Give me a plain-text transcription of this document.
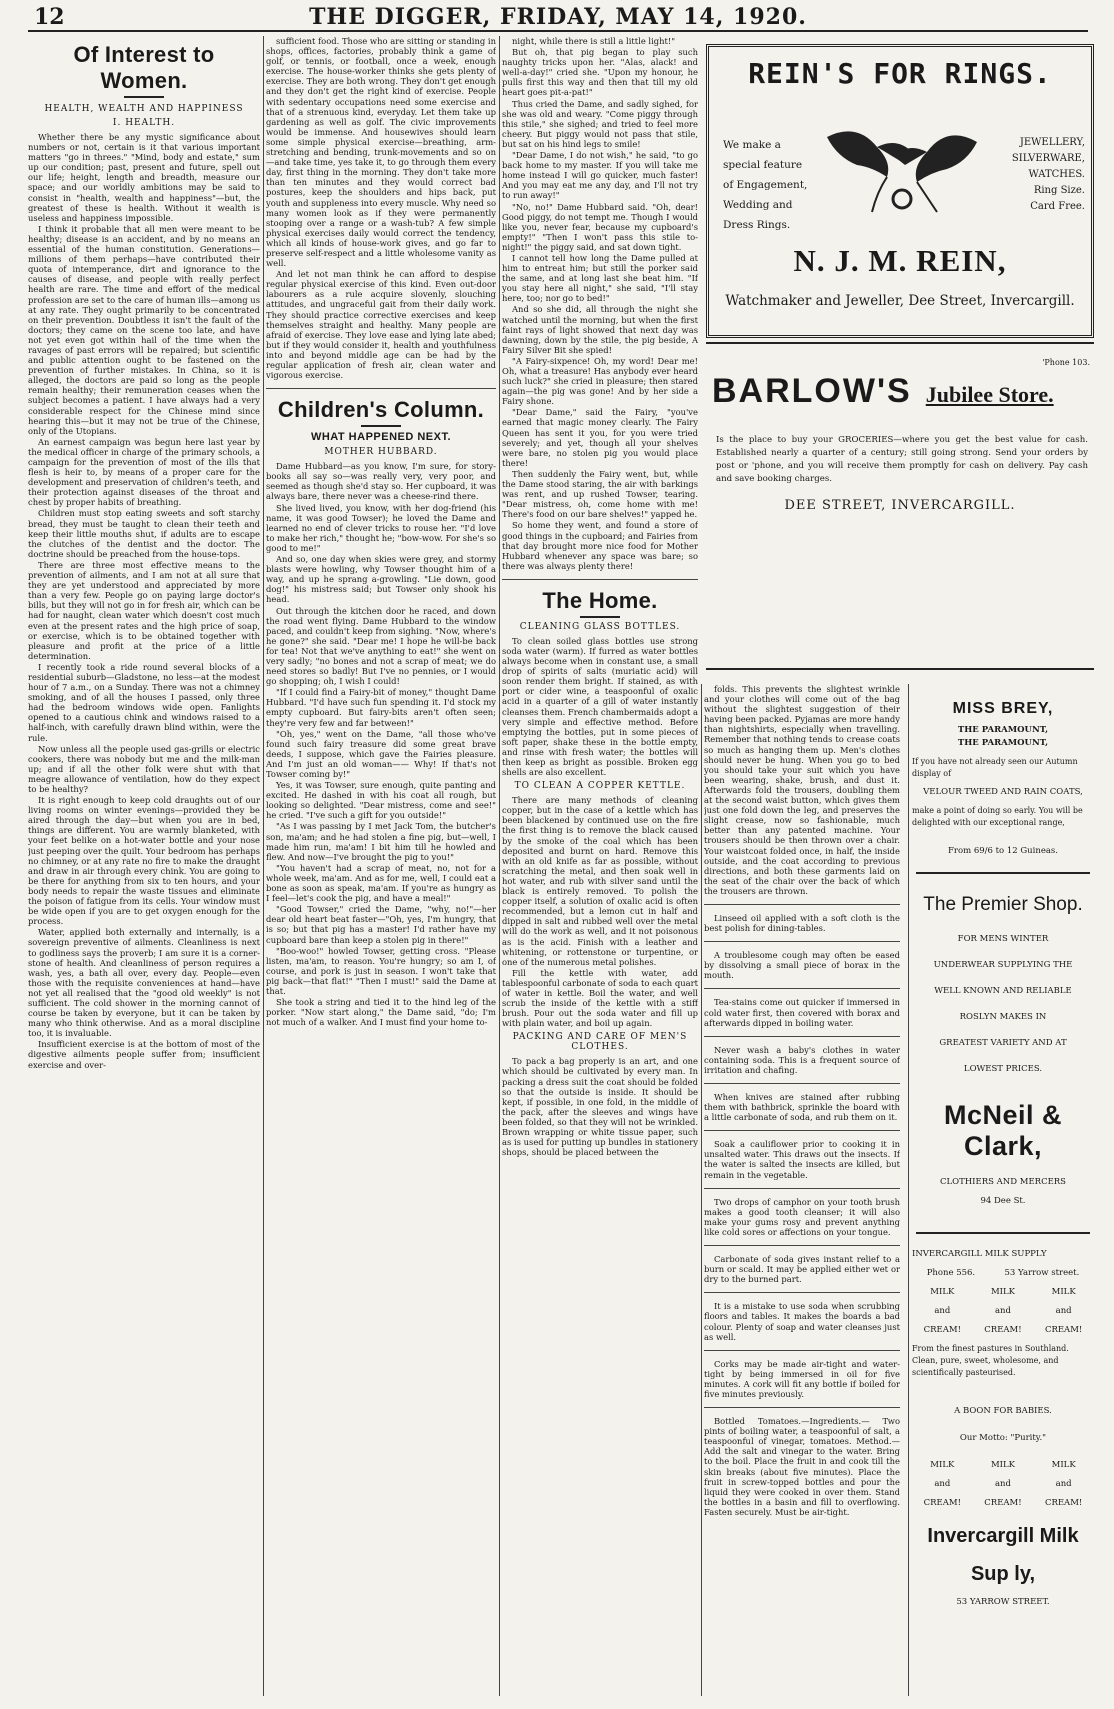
12	THE DIGGER, FRIDAY, MAY 14, 1920.
Of Interest to Women.
HEALTH, WEALTH AND HAPPINESS
I. HEALTH.

Whether there be any mystic significance about numbers or not, certain is it that various important matters "go in threes." "Mind, body and estate," sum up our condition; past, present and future, spell out our life; height, length and breadth, measure our space; and our worldly ambitions may be said to consist in "health, wealth and happiness"—but, the greatest of these is health. Without it wealth is useless and happiness impossible.

I think it probable that all men were meant to be healthy; disease is an accident, and by no means an essential of the human constitution. Generations—millions of them perhaps—have contributed their quota of intemperance, dirt and ignorance to the causes of disease, and people with really perfect health are rare. The time and effort of the medical profession are set to the care of human ills—among us at any rate. They ought primarily to be concentrated on their prevention. Doubtless it isn't the fault of the doctors; they came on the scene too late, and have not yet even got within hail of the time when the ravages of past errors will be repaired; but scientific and public attention ought to be fastened on the prevention of further mistakes. In China, so it is alleged, the doctors are paid so long as the people remain healthy; their remuneration ceases when the subject becomes a patient. I have always had a very considerable respect for the Chinese mind since hearing this—but it may not be true of the Chinese, only of the Utopians.

An earnest campaign was begun here last year by the medical officer in charge of the primary schools, a campaign for the prevention of most of the ills that flesh is heir to, by means of a proper care for the development and preservation of children's teeth, and their protection against diseases of the throat and chest by proper habits of breathing.

Children must stop eating sweets and soft starchy bread, they must be taught to clean their teeth and keep their little mouths shut, if adults are to escape the clutches of the dentist and the doctor. The doctrine should be preached from the house-tops.

There are three most effective means to the prevention of ailments, and I am not at all sure that they are yet understood and appreciated by more than a very few. People go on paying large doctor's bills, but they will not go in for fresh air, which can be had for naught, clean water which doesn't cost much even at the present rates and the high price of soap, or exercise, which is to be obtained together with pleasure and profit at the price of a little determination.

I recently took a ride round several blocks of a residential suburb—Gladstone, no less—at the modest hour of 7 a.m., on a Sunday. There was not a chimney smoking, and of all the houses I passed, only three had the bedroom windows wide open. Fanlights opened to a cautious chink and windows raised to a half-inch, with carefully drawn blind within, were the rule.

Now unless all the people used gas-grills or electric cookers, there was nobody but me and the milk-man up; and if all the other folk were shut with that meagre allowance of ventilation, how do they expect to be healthy?

It is right enough to keep cold draughts out of our living rooms on winter evenings—provided they be aired through the day—but when you are in bed, things are different. You are warmly blanketed, with your feet belike on a hot-water bottle and your nose just peeping over the quilt. Your bedroom has perhaps no chimney, or at any rate no fire to make the draught and draw in air through every chink. You are going to be there for anything from six to ten hours, and your body needs to repair the waste tissues and eliminate the poison of fatigue from its cells. Your window must be wide open if you are to get oxygen enough for the process.

Water, applied both externally and internally, is a sovereign preventive of ailments. Cleanliness is next to godliness says the proverb; I am sure it is a corner-stone of health. And cleanliness of person requires a wash, yes, a bath all over, every day. People—even those with the requisite conveniences at hand—have not yet all realised that the "good old weekly" is not sufficient. The cold shower in the morning cannot of course be taken by everyone, but it can be taken by many who think otherwise. And as a moral discipline too, it is invaluable.

Insufficient exercise is at the bottom of most of the digestive ailments people suffer from; insufficient exercise and over-

sufficient food. Those who are sitting or standing in shops, offices, factories, probably think a game of golf, or tennis, or football, once a week, enough exercise. The house-worker thinks she gets plenty of exercise. They are both wrong. They don't get enough and they don't get the right kind of exercise. People with sedentary occupations need some exercise and that of a strenuous kind, everyday. Let them take up gardening as well as golf. The civic improvements would be immense. And housewives should learn some simple physical exercise—breathing, arm-stretching and bending, trunk-movements and so on—and take time, yes take it, to go through them every day, first thing in the morning. They don't take more than ten minutes and they would correct bad postures, keep the shoulders and hips back, put youth and suppleness into every muscle. Why need so many women look as if they were permanently stooping over a range or a wash-tub? A few simple physical exercises daily would correct the tendency, which all kinds of house-work gives, and go far to preserve self-respect and a little wholesome vanity as well.

And let not man think he can afford to despise regular physical exercise of this kind. Even out-door labourers as a rule acquire slovenly, slouching attitudes, and ungraceful gait from their daily work. They should practice corrective exercises and keep themselves straight and healthy. Many people are afraid of exercise. They love ease and lying late abed; but if they would consider it, health and youthfulness into and beyond middle age can be had by the regular application of fresh air, clean water and vigorous exercise.

Children's Column.
WHAT HAPPENED NEXT.
MOTHER HUBBARD.

Dame Hubbard—as you know, I'm sure, for story-books all say so—was really very, very poor, and seemed as though she'd stay so. Her cupboard, it was always bare, there never was a cheese-rind there.

She lived lived, you know, with her dog-friend (his name, it was good Towser); he loved the Dame and learned no end of clever tricks to rouse her. "I'd love to make her rich," thought he; "bow-wow. For she's so good to me!"

And so, one day when skies were grey, and stormy blasts were howling, why Towser thought him of a way, and up he sprang a-growling. "Lie down, good dog!" his mistress said; but Towser only shook his head.

Out through the kitchen door he raced, and down the road went flying. Dame Hubbard to the window paced, and couldn't keep from sighing. "Now, where's he gone?" she said. "Dear me! I hope he will-be back for tea! Not that we've anything to eat!" she went on very sadly; "no bones and not a scrap of meat; we do need stores so badly! But I've no pennies, or I would go shopping; oh, I wish I could!

"If I could find a Fairy-bit of money," thought Dame Hubbard. "I'd have such fun spending it. I'd stock my empty cupboard. But fairy-bits aren't often seen; they're very few and far between!"

"Oh, yes," went on the Dame, "all those who've found such fairy treasure did some great brave deeds, I suppose, which gave the Fairies pleasure. And I'm just an old woman—— Why! If that's not Towser coming by!"

Yes, it was Towser, sure enough, quite panting and excited. He dashed in with his coat all rough, but looking so delighted. "Dear mistress, come and see!" he cried. "I've such a gift for you outside!"

"As I was passing by I met Jack Tom, the butcher's son, ma'am; and he had stolen a fine pig, but—well, I made him run, ma'am! I bit him till he howled and flew. And now—I've brought the pig to you!"

"You haven't had a scrap of meat, no, not for a whole week, ma'am. And as for me, well, I could eat a bone as soon as speak, ma'am. If you're as hungry as I feel—let's cook the pig, and have a meal!"

"Good Towser," cried the Dame, "why, no!"—her dear old heart beat faster—"Oh, yes, I'm hungry, that is so; but that pig has a master! I'd rather have my cupboard bare than keep a stolen pig in there!"

"Boo-woo!" howled Towser, getting cross. "Please listen, ma'am, to reason. You're hungry; so am I, of course, and pork is just in season. I won't take that pig back—that flat!" "Then I must!" said the Dame at that.

She took a string and tied it to the hind leg of the porker. "Now start along," the Dame said, "do; I'm not much of a walker. And I must find your home to-

night, while there is still a little light!"

But oh, that pig began to play such naughty tricks upon her. "Alas, alack! and well-a-day!" cried she. "Upon my honour, he pulls first this way and then that till my old heart goes pit-a-pat!"

Thus cried the Dame, and sadly sighed, for she was old and weary. "Come piggy through this stile," she sighed; and tried to feel more cheery. But piggy would not pass that stile, but sat on his hind legs to smile!

"Dear Dame, I do not wish," he said, "to go back home to my master. If you will take me home instead I will go quicker, much faster! And you may eat me any day, and I'll not try to run away!"

"No, no!" Dame Hubbard said. "Oh, dear! Good piggy, do not tempt me. Though I would like you, never fear, because my cupboard's empty!" "Then I won't pass this stile to-night!" the piggy said, and sat down tight.

I cannot tell how long the Dame pulled at him to entreat him; but still the porker said the same, and at long last she beat him. "If you stay here all night," she said, "I'll stay here, too; nor go to bed!"

And so she did, all through the night she watched until the morning, but when the first faint rays of light showed that next day was dawning, down by the stile, the pig beside, A Fairy Silver Bit she spied!

"A Fairy-sixpence! Oh, my word! Dear me! Oh, what a treasure! Has anybody ever heard such luck?" she cried in pleasure; then stared again—the pig was gone! And by her side a Fairy shone.

"Dear Dame," said the Fairy, "you've earned that magic money clearly. The Fairy Queen has sent it you, for you were tried severely; and yet, though all your shelves were bare, no stolen pig you would place there!

Then suddenly the Fairy went, but, while the Dame stood staring, the air with barkings was rent, and up rushed Towser, tearing. "Dear mistress, oh, come home with me! There's food on our bare shelves!" yapped he.

So home they went, and found a store of good things in the cupboard; and Fairies from that day brought more nice food for Mother Hubbard whenever any space was bare; so there was always plenty there!

The Home.
CLEANING GLASS BOTTLES.

To clean soiled glass bottles use strong soda water (warm). If furred as water bottles always become when in constant use, a small drop of spirits of salts (muriatic acid) will soon render them bright. If stained, as with port or cider wine, a teaspoonful of oxalic acid in a quarter of a gill of water instantly cleanses them. French chambermaids adopt a very simple and effective method. Before emptying the bottles, put in some pieces of soft paper, shake these in the bottle empty, and rinse with fresh water; the bottles will then keep as bright as possible. Broken egg shells are also excellent.

TO CLEAN A COPPER KETTLE.

There are many methods of cleaning copper, but in the case of a kettle which has been blackened by continued use on the fire the first thing is to remove the black caused by the smoke of the coal which has been deposited and burnt on hard. Remove this with an old knife as far as possible, without scratching the metal, and then soak well in hot water, and rub with silver sand until the black is entirely removed. To polish the copper itself, a solution of oxalic acid is often recommended, but a lemon cut in half and dipped in salt and rubbed well over the metal will do the work as well, and it not poisonous as is the acid. Finish with a leather and whitening, or rottenstone or turpentine, or one of the numerous metal polishes.

Fill the kettle with water, add tablespoonful carbonate of soda to each quart of water in kettle. Boil the water, and well scrub the inside of the kettle with a stiff brush. Pour out the soda water and fill up with plain water, and boil up again.

PACKING AND CARE OF MEN'S CLOTHES.

To pack a bag properly is an art, and one which should be cultivated by every man. In packing a dress suit the coat should be folded so that the outside is inside. It should be kept, if possible, in one fold, in the middle of the pack, after the sleeves and wings have been folded, so that they will not be wrinkled. Brown wrapping or white tissue paper, such as is used for putting up bundles in stationery shops, should be placed between the

folds. This prevents the slightest wrinkle and your clothes will come out of the bag without the slightest suggestion of their having been packed. Pyjamas are more handy than nightshirts, especially when travelling. Remember that nothing tends to crease coats so much as hanging them up. Men's clothes should never be hung. When you go to bed you should take your suit which you have been wearing, shake, brush, and dust it. Afterwards fold the trousers, doubling them at the second waist button, which gives them just one fold down the leg, and preserves the slight crease, now so fashionable, much better than any patented machine. Your trousers should be then thrown over a chair. Your waistcoat folded once, in half, the inside outside, and the coat according to previous directions, and both these garments laid on the seat of the chair over the back of which the trousers are thrown.

Linseed oil applied with a soft cloth is the best polish for dining-tables.

A troublesome cough may often be eased by dissolving a small piece of borax in the mouth.

Tea-stains come out quicker if immersed in cold water first, then covered with borax and afterwards dipped in boiling water.

Never wash a baby's clothes in water containing soda. This is a frequent source of irritation and chafing.

When knives are stained after rubbing them with bathbrick, sprinkle the board with a little carbonate of soda, and rub them on it.

Soak a cauliflower prior to cooking it in unsalted water. This draws out the insects. If the water is salted the insects are killed, but remain in the vegetable.

Two drops of camphor on your tooth brush makes a good tooth cleanser; it will also make your gums rosy and prevent anything like cold sores or affections on your tongue.

Carbonate of soda gives instant relief to a burn or scald. It may be applied either wet or dry to the burned part.

It is a mistake to use soda when scrubbing floors and tables. It makes the boards a bad colour. Plenty of soap and water cleanses just as well.

Corks may be made air-tight and water-tight by being immersed in oil for five minutes. A cork will fit any bottle if boiled for five minutes previously.

Bottled Tomatoes.—Ingredients.— Two pints of boiling water, a teaspoonful of salt, a teaspoonful of vinegar, tomatoes. Method.—Add the salt and vinegar to the water. Bring to the boil. Place the fruit in and cook till the skin breaks (about five minutes). Place the fruit in screw-topped bottles and pour the liquid they were cooked in over them. Stand the bottles in a basin and fill to overflowing. Fasten securely. Must be air-tight.

REIN'S FOR RINGS.
We make a
special feature
of Engagement,
Wedding and
Dress Rings.
JEWELLERY,
SILVERWARE,
WATCHES.
Ring Size.
Card Free.
N. J. M. REIN,
Watchmaker and Jeweller, Dee Street, Invercargill.
'Phone 103.
BARLOW'S Jubilee Store.
Is the place to buy your GROCERIES—where you get the best value for cash. Established nearly a quarter of a century; still going strong. Send your orders by post or 'phone, and you will receive them promptly for cash on delivery. Pay cash and save booking charges.
DEE STREET, INVERCARGILL.
MISS BREY,
THE PARAMOUNT,
THE PARAMOUNT,
If you have not already seen our Autumn display of
VELOUR TWEED AND RAIN COATS,
make a point of doing so early. You will be delighted with our exceptional range,
From 69/6 to 12 Guineas.
The Premier Shop.
FOR MENS WINTER
UNDERWEAR SUPPLYING THE
WELL KNOWN AND RELIABLE
ROSLYN MAKES IN
GREATEST VARIETY AND AT
LOWEST PRICES.
McNeil & Clark,
CLOTHIERS AND MERCERS
94 Dee St.
INVERCARGILL MILK SUPPLY
Phone 556.	53 Yarrow street.
MILK	MILK	MILK
and	and	and
CREAM!	CREAM!	CREAM!
From the finest pastures in Southland. Clean, pure, sweet, wholesome, and scientifically pasteurised.
A BOON FOR BABIES.
Our Motto: "Purity."
MILK	MILK	MILK
and	and	and
CREAM!	CREAM!	CREAM!
Invercargill Milk
Sup ly,
53 YARROW STREET.
